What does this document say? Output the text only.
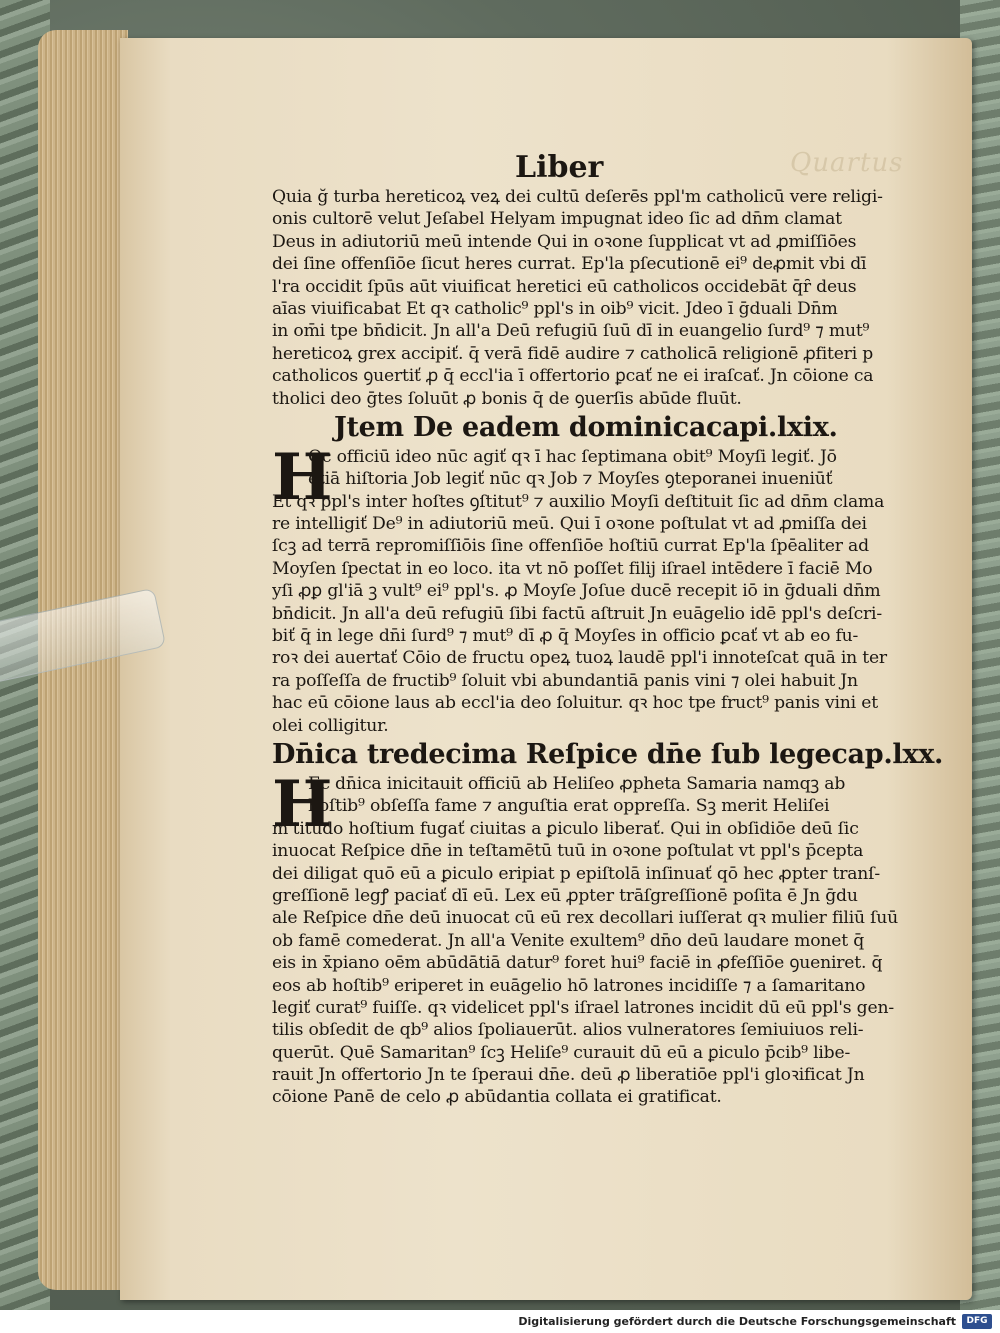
Quartus
Liber
Quia ğ turba hereticoꝝ veꝝ dei cultū deſerēs ppl'm catholicū vere religi-
onis cultorē velut Jeſabel Helyam impugnat ideo ſic ad dn̄m clamat
Deus in adiutoriū meū intende Qui in oꝛone ſupplicat vt ad ꝓmiſſiōes
dei ſine offenſiōe ſicut heres currat. Ep'la pſecutionē ei⁹ deꝓmit vbi dī
l'ra occidit ſpūs aūt viuificat heretici eū catholicos occidebāt q̄ȓ deus
aīas viuificabat Et qꝛ catholic⁹ ppl's in oib⁹ vicit. Jdeo ī ḡduali Dn̄m
in om̄i tpe bn̄dicit. Jn all'a Deū refugiū ſuū dī in euangelio ſurd⁹ ⁊ mut⁹
hereticoꝝ grex accipiť. q̄ verā fidē audire ⁊ catholicā religionē ꝓfiteri p
catholicos ꝯuertiť ꝓ q̄ eccl'ia ī offertorio ꝑcať ne ei iraſcať. Jn cōione ca
tholici deo ḡtes ſoluūt ꝓ bonis q̄ de ꝯuerſis abūde fluūt.
Jtem De eadem dominica capi.lxix.
H
Oc officiū ideo nūc agiť qꝛ ī hac ſeptimana obit⁹ Moyſi legiť. Jō
etiā hiſtoria Job legiť nūc qꝛ Job ⁊ Moyſes ꝯteporanei inueniūť
Et qꝛ ppl's inter hoſtes ꝯſtitut⁹ ⁊ auxilio Moyſi deſtituit ſic ad dn̄m clama
re intelligiť De⁹ in adiutoriū meū. Qui ī oꝛone poſtulat vt ad ꝓmiſſa dei
ſcꝫ ad terrā repromiſſiōis ſine offenſiōe hoſtiū currat Ep'la ſpēaliter ad
Moyſen ſpectat in eo loco. ita vt nō poſſet filij iſrael intēdere ī faciē Mo
yſi ꝓꝑ gl'iā ꝫ vult⁹ ei⁹ ppl's. ꝓ Moyſe Joſue ducē recepit iō in ḡduali dn̄m
bn̄dicit. Jn all'a deū refugiū ſibi factū aſtruit Jn euāgelio idē ppl's deſcri-
biť q̄ in lege dn̄i ſurd⁹ ⁊ mut⁹ dī ꝓ q̄ Moyſes in officio ꝑcať vt ab eo fu-
roꝛ dei auertať Cōio de fructu opeꝝ tuoꝝ laudē ppl'i innoteſcat quā in ter
ra poſſeſſa de fructib⁹ ſoluit vbi abundantiā panis vini ⁊ olei habuit Jn
hac eū cōione laus ab eccl'ia deo ſoluitur. qꝛ hoc tpe fruct⁹ panis vini et
olei colligitur.
Dn̄ica tredecima Reſpice dn̄e ſub lege cap.lxx.
H
Ec dn̄ica inicitauit officiū ab Heliſeo ꝓpheta Samaria namqꝫ ab
hoſtib⁹ obſeſſa fame ⁊ anguſtia erat oppreſſa. Sꝫ merit Heliſei
m'titudo hoſtium fugať ciuitas a ꝑiculo liberať. Qui in obſidiōe deū ſic
inuocat Reſpice dn̄e in teſtamētū tuū in oꝛone poſtulat vt ppl's p̄cepta
dei diligat quō eū a ꝑiculo eripiat p epiſtolā inſinuať qō hec ꝓpter tranſ-
greſſionē legꝭ paciať dī eū. Lex eū ꝓpter trāſgreſſionē poſita ē Jn ḡdu
ale Reſpice dn̄e deū inuocat cū eū rex decollari iuſſerat qꝛ mulier filiū ſuū
ob famē comederat. Jn all'a Venite exultem⁹ dn̄o deū laudare monet q̄
eis in x̄piano oēm abūdātiā datur⁹ foret hui⁹ faciē in ꝓfeſſiōe ꝯueniret. q̄
eos ab hoſtib⁹ eriperet in euāgelio hō latrones incidiſſe ⁊ a ſamaritano
legiť curat⁹ fuiſſe. qꝛ videlicet ppl's iſrael latrones incidit dū eū ppl's gen-
tilis obſedit de qb⁹ alios ſpoliauerūt. alios vulneratores ſemiuiuos reli-
querūt. Quē Samaritan⁹ ſcꝫ Heliſe⁹ curauit dū eū a ꝑiculo p̄cib⁹ libe-
rauit Jn offertorio Jn te ſperaui dn̄e. deū ꝓ liberatiōe ppl'i gloꝛificat Jn
cōione Panē de celo ꝓ abūdantia collata ei gratificat.
Digitalisierung gefördert durch die Deutsche Forschungsgemeinschaft	DFG
